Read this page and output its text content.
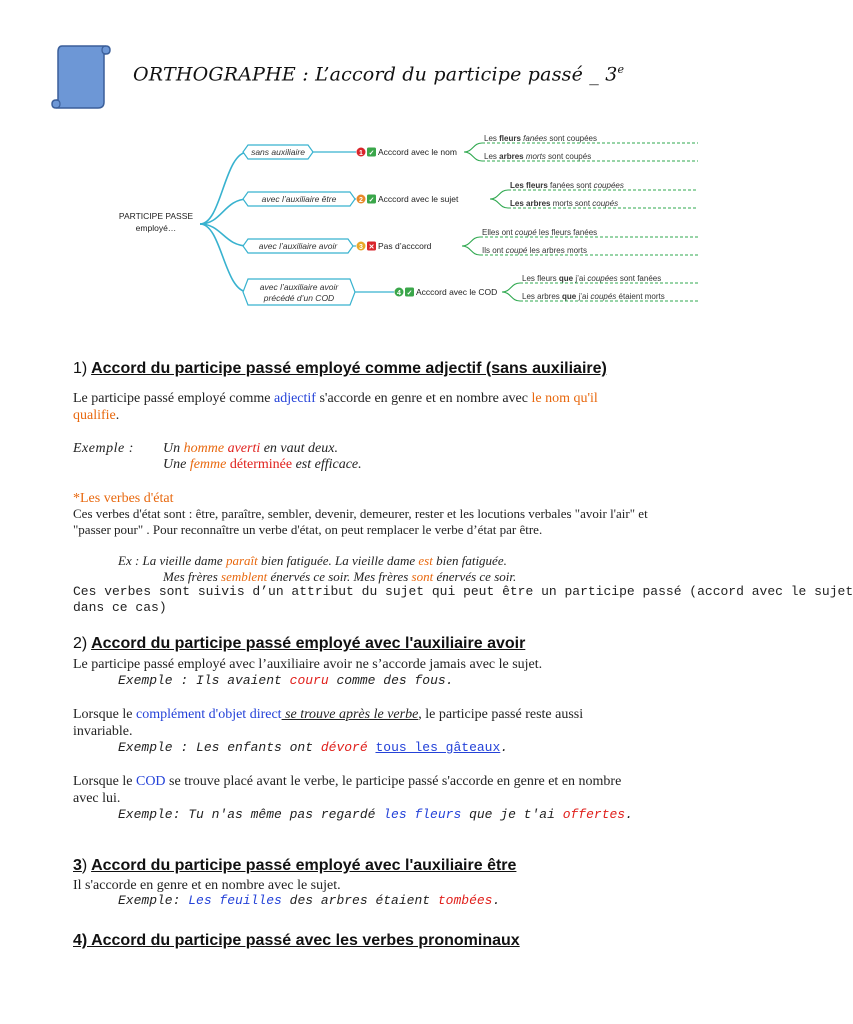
ORTHOGRAPHE : L’accord du participe passé _ 3e
PARTICIPE PASSE
employé…
sans auxiliaire	1 ✓ Acccord avec le nom
Les fleurs fanées sont coupées
Les arbres morts sont coupés
avec l’auxiliaire être	2 ✓ Acccord avec le sujet
Les fleurs fanées sont coupées
Les arbres morts sont coupés
avec l’auxiliaire avoir	3 ✕ Pas d’acccord
Elles ont coupé les fleurs fanées
Ils ont coupé les arbres morts
avec l’auxiliaire avoir
précédé d’un COD	4 ✓ Acccord avec le COD
Les fleurs que j’ai coupées sont fanées
Les arbres que j’ai coupés étaient morts
1) Accord du participe passé employé comme adjectif (sans auxiliaire)
Le participe passé employé comme adjectif s'accorde en genre et en nombre avec le nom qu'il
qualifie.
Exemple : Un homme averti en vaut deux.
Une femme déterminée est efficace.
*Les verbes d'état
Ces verbes d'état sont : être, paraître, sembler, devenir, demeurer, rester et les locutions verbales "avoir l'air" et
"passer pour" . Pour reconnaître un verbe d'état, on peut remplacer le verbe d’état par être.
Ex : La vieille dame paraît bien fatiguée. La vieille dame est bien fatiguée.
Mes frères semblent énervés ce soir. Mes frères sont énervés ce soir.
Ces verbes sont suivis d’un attribut du sujet qui peut être un participe passé (accord avec le sujet
dans ce cas)
2) Accord du participe passé employé avec l'auxiliaire avoir
Le participe passé employé avec l’auxiliaire avoir ne s’accorde jamais avec le sujet.
Exemple : Ils avaient couru comme des fous.
Lorsque le complément d'objet direct se trouve après le verbe, le participe passé reste aussi
invariable.
Exemple : Les enfants ont dévoré tous les gâteaux.
Lorsque le COD se trouve placé avant le verbe, le participe passé s'accorde en genre et en nombre
avec lui.
Exemple: Tu n'as même pas regardé les fleurs que je t'ai offertes.
3) Accord du participe passé employé avec l'auxiliaire être
Il s'accorde en genre et en nombre avec le sujet.
Exemple: Les feuilles des arbres étaient tombées.
4) Accord du participe passé avec les verbes pronominaux
